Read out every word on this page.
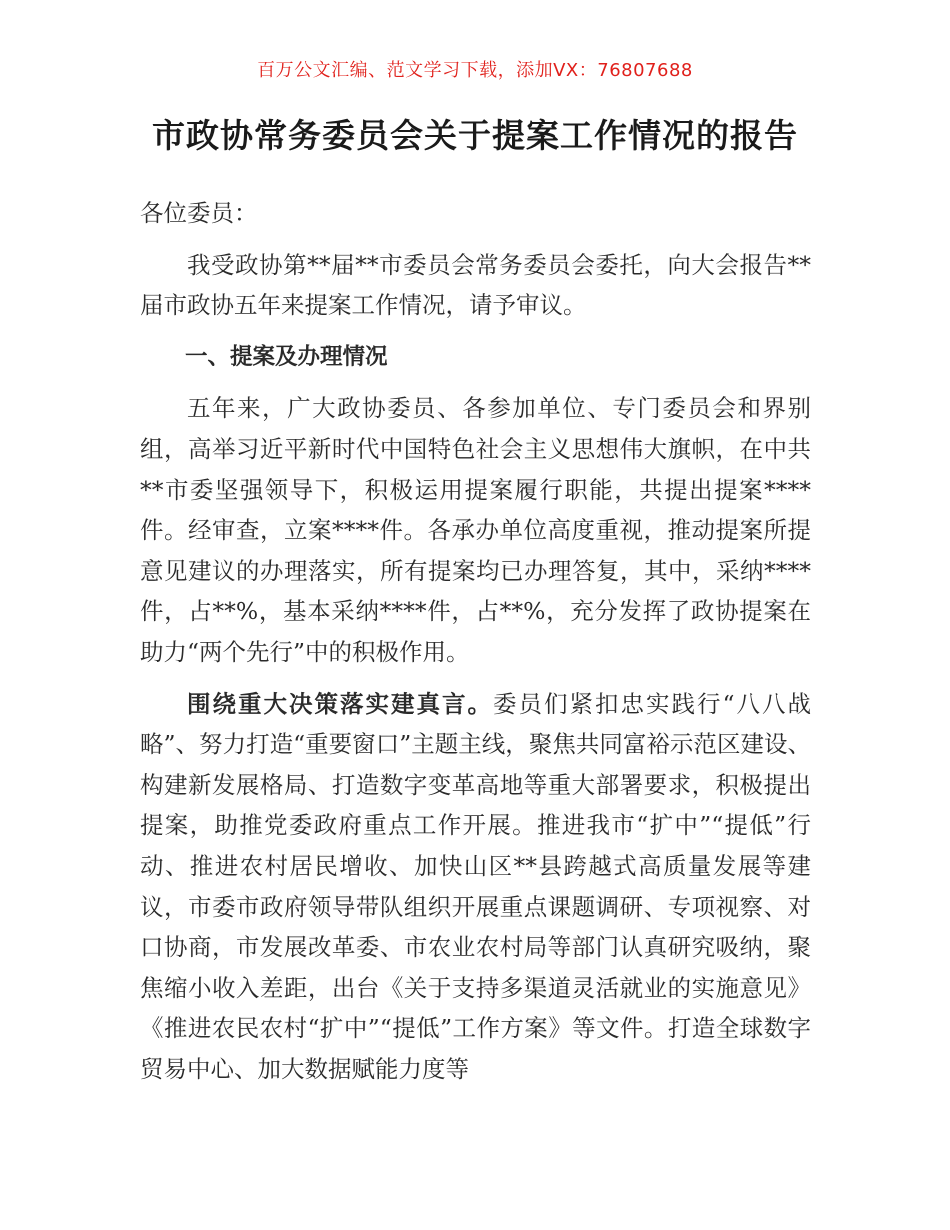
百万公文汇编、范文学习下载，添加VX：76807688
市政协常务委员会关于提案工作情况的报告

各位委员：

我受政协第**届**市委员会常务委员会委托，向大会报告**届市政协五年来提案工作情况，请予审议。

一、提案及办理情况

五年来，广大政协委员、各参加单位、专门委员会和界别组，高举习近平新时代中国特色社会主义思想伟大旗帜，在中共**市委坚强领导下，积极运用提案履行职能，共提出提案****件。经审查，立案****件。各承办单位高度重视，推动提案所提意见建议的办理落实，所有提案均已办理答复，其中，采纳****件，占**%，基本采纳****件，占**%，充分发挥了政协提案在助力“两个先行”中的积极作用。

围绕重大决策落实建真言。委员们紧扣忠实践行“八八战略”、努力打造“重要窗口”主题主线，聚焦共同富裕示范区建设、构建新发展格局、打造数字变革高地等重大部署要求，积极提出提案，助推党委政府重点工作开展。推进我市“扩中”“提低”行动、推进农村居民增收、加快山区**县跨越式高质量发展等建议，市委市政府领导带队组织开展重点课题调研、专项视察、对口协商，市发展改革委、市农业农村局等部门认真研究吸纳，聚焦缩小收入差距，出台《关于支持多渠道灵活就业的实施意见》《推进农民农村“扩中”“提低”工作方案》等文件。打造全球数字贸易中心、加大数据赋能力度等
